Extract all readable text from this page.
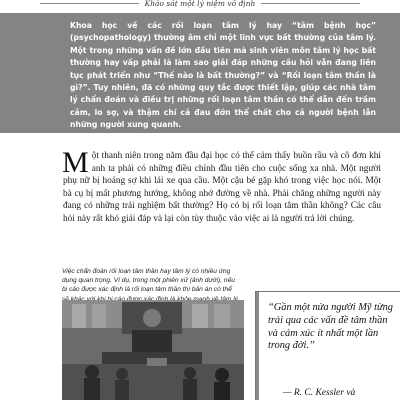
Khảo sát một lý niệm vô định

Khoa học về các rối loạn tâm lý hay “tâm bệnh học” (psychopathology) thường âm chỉ một lĩnh vực bất thường của tâm lý. Một trong những vấn đề lớn đầu tiên mà sinh viên môn tâm lý học bất thường hay vấp phải là làm sao giải đáp những câu hỏi vẫn đang liên tục phát triển như “Thế nào là bất thường?” và “Rối loạn tâm thần là gì?”. Tuy nhiên, đã có những quy tắc được thiết lập, giúp các nhà tâm lý chẩn đoán và điều trị những rối loạn tâm thần có thể dẫn đến trầm cảm, lo sợ, và thậm chí cả đau đớn thể chất cho cả người bệnh lẫn những người xung quanh.

Một thanh niên trong năm đầu đại học có thể cảm thấy buồn rầu và cô đơn khi anh ta phải có những điều chỉnh đầu tiên cho cuộc sống xa nhà. Một người phụ nữ bị hoảng sợ khi lái xe qua cầu. Một cậu bé gặp khó trong việc học nói. Một bà cụ bị mất phương hướng, không nhớ đường về nhà. Phải chăng những người này đang có những trải nghiệm bất thường? Họ có bị rối loạn tâm thần không? Các câu hỏi này rất khó giải đáp và lại còn tùy thuộc vào việc ai là người trả lời chúng.

Việc chẩn đoán rối loạn tâm thần hay tâm lý có nhiều ứng dụng quan trọng. Ví dụ, trong một phiên xử (ảnh dưới), nếu bị cáo được xác định là rối loạn tâm thần thì bản án có thể
“Gần một nửa người Mỹ từng trải qua các vấn đề tâm thần và cảm xúc ít nhất một lần trong đời.”
— R. C. Kessler và
